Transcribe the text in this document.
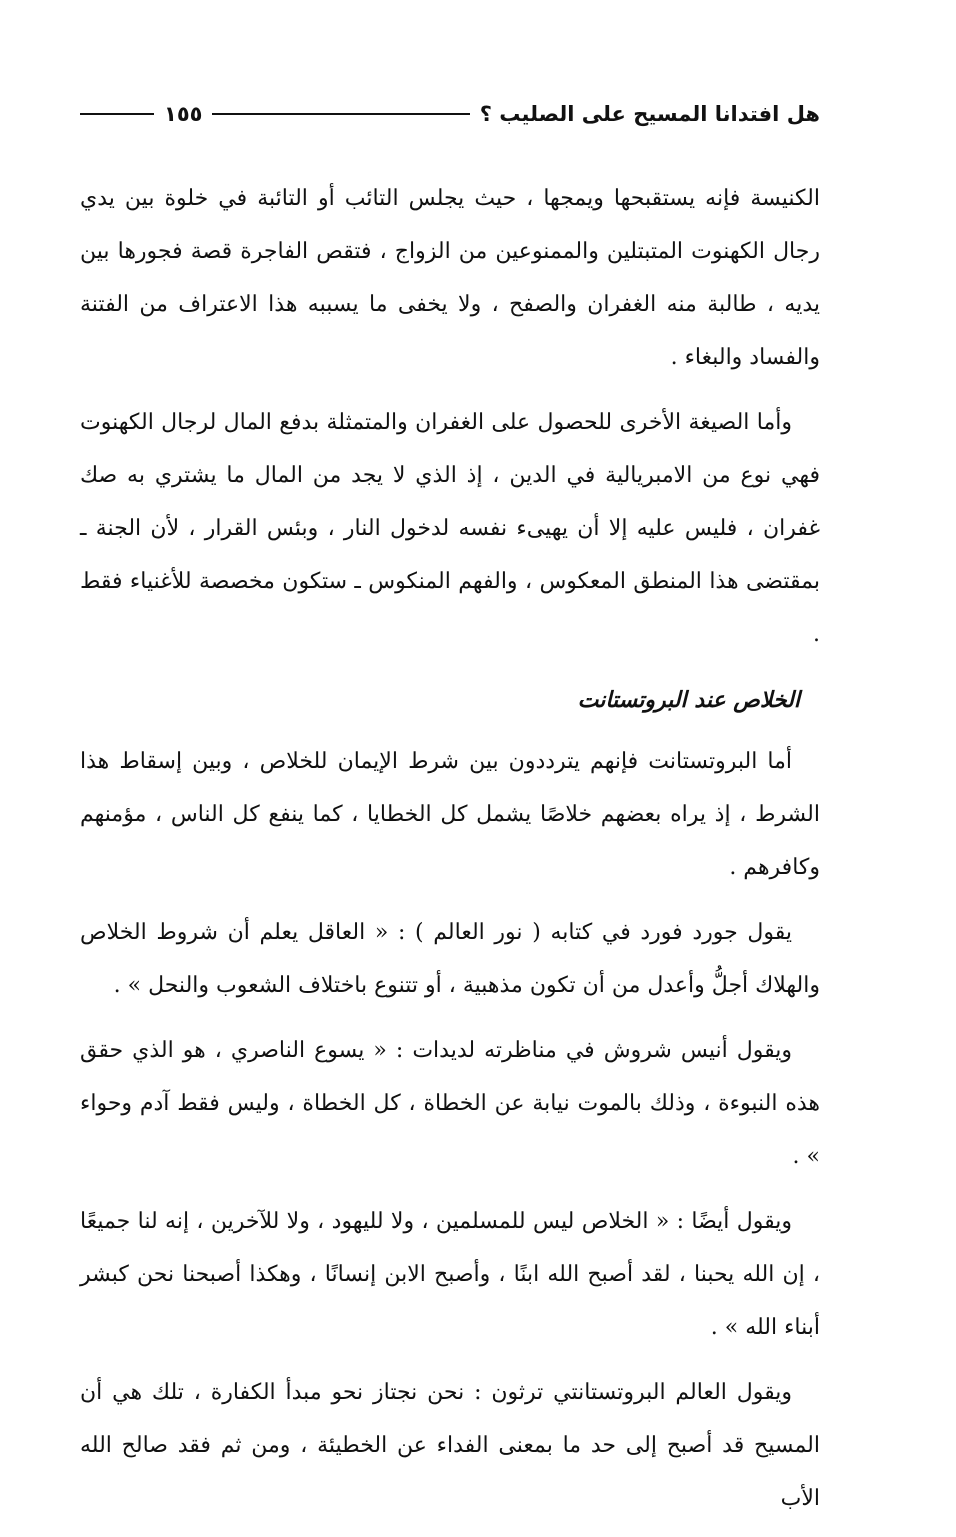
هل افتدانا المسيح على الصليب ؟
١٥٥

الكنيسة فإنه يستقبحها ويمجها ، حيث يجلس التائب أو التائبة في خلوة بين يدي رجال الكهنوت المتبتلين والممنوعين من الزواج ، فتقص الفاجرة قصة فجورها بين يديه ، طالبة منه الغفران والصفح ، ولا يخفى ما يسببه هذا الاعتراف من الفتنة والفساد والبغاء .

وأما الصيغة الأخرى للحصول على الغفران والمتمثلة بدفع المال لرجال الكهنوت فهي نوع من الامبريالية في الدين ، إذ الذي لا يجد من المال ما يشتري به صك غفران ، فليس عليه إلا أن يهيىء نفسه لدخول النار ، وبئس القرار ، لأن الجنة ـ بمقتضى هذا المنطق المعكوس ، والفهم المنكوس ـ ستكون مخصصة للأغنياء فقط .

الخلاص عند البروتستانت

أما البروتستانت فإنهم يترددون بين شرط الإيمان للخلاص ، وبين إسقاط هذا الشرط ، إذ يراه بعضهم خلاصًا يشمل كل الخطايا ، كما ينفع كل الناس ، مؤمنهم وكافرهم .

يقول جورد فورد في كتابه ( نور العالم ) : « العاقل يعلم أن شروط الخلاص والهلاك أجلُّ وأعدل من أن تكون مذهبية ، أو تتنوع باختلاف الشعوب والنحل » .

ويقول أنيس شروش في مناظرته لديدات : « يسوع الناصري ، هو الذي حقق هذه النبوءة ، وذلك بالموت نيابة عن الخطاة ، كل الخطاة ، وليس فقط آدم وحواء » .

ويقول أيضًا : « الخلاص ليس للمسلمين ، ولا لليهود ، ولا للآخرين ، إنه لنا جميعًا ، إن الله يحبنا ، لقد أصبح الله ابنًا ، وأصبح الابن إنسانًا ، وهكذا أصبحنا نحن كبشر أبناء الله » .

ويقول العالم البروتستانتي ترثون : نحن نجتاز نحو مبدأ الكفارة ، تلك هي أن المسيح قد أصبح إلى حد ما بمعنى الفداء عن الخطيئة ، ومن ثم فقد صالح الله الأب
